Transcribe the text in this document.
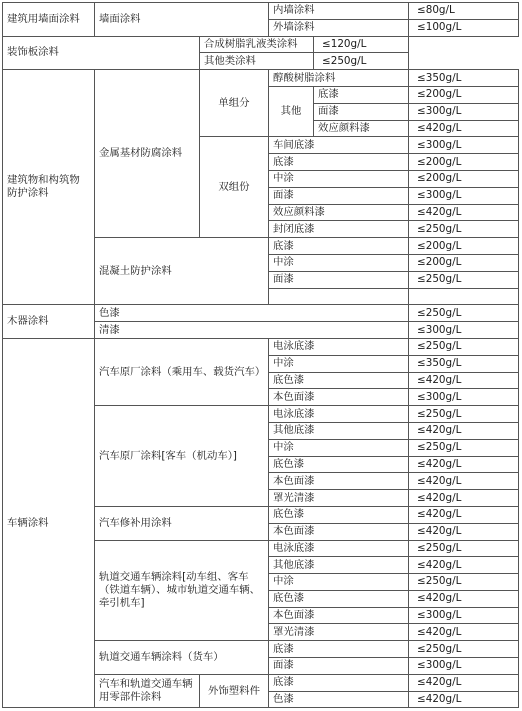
建筑用墙面涂料	墙面涂料		内墙涂料		≤80g/L
			外墙涂料		≤100g/L
装饰板涂料		合成树脂乳液类涂料		≤120g/L	
		其他类涂料		≤250g/L	
建筑物和构筑物防护涂料	金属基材防腐涂料	单组分	醇酸树脂涂料		≤350g/L
			其他	底漆	≤200g/L
				面漆	≤300g/L
				效应颜料漆	≤420g/L
		双组份	车间底漆		≤300g/L
			底漆		≤200g/L
			中涂		≤200g/L
			面漆		≤300g/L
			效应颜料漆		≤420g/L
			封闭底漆		≤250g/L
	混凝土防护涂料		底漆		≤200g/L
			中涂		≤200g/L
			面漆		≤250g/L

木器涂料	色漆				≤250g/L
	清漆				≤300g/L
车辆涂料	汽车原厂涂料（乘用车、载货汽车）		电泳底漆		≤250g/L
			中涂		≤350g/L
			底色漆		≤420g/L
			本色面漆		≤300g/L
	汽车原厂涂料[客车（机动车）]		电泳底漆		≤250g/L
			其他底漆		≤420g/L
			中涂		≤250g/L
			底色漆		≤420g/L
			本色面漆		≤420g/L
			罩光清漆		≤420g/L
	汽车修补用涂料		底色漆		≤420g/L
			本色面漆		≤420g/L
	轨道交通车辆涂料[动车组、客车（铁道车辆）、城市轨道交通车辆、牵引机车]		电泳底漆		≤250g/L
			其他底漆		≤420g/L
			中涂		≤250g/L
			底色漆		≤420g/L
			本色面漆		≤300g/L
			罩光清漆		≤420g/L
	轨道交通车辆涂料（货车）		底漆		≤250g/L
			面漆		≤300g/L
	汽车和轨道交通车辆用零部件涂料	外饰塑料件	底漆		≤420g/L
			色漆		≤420g/L
